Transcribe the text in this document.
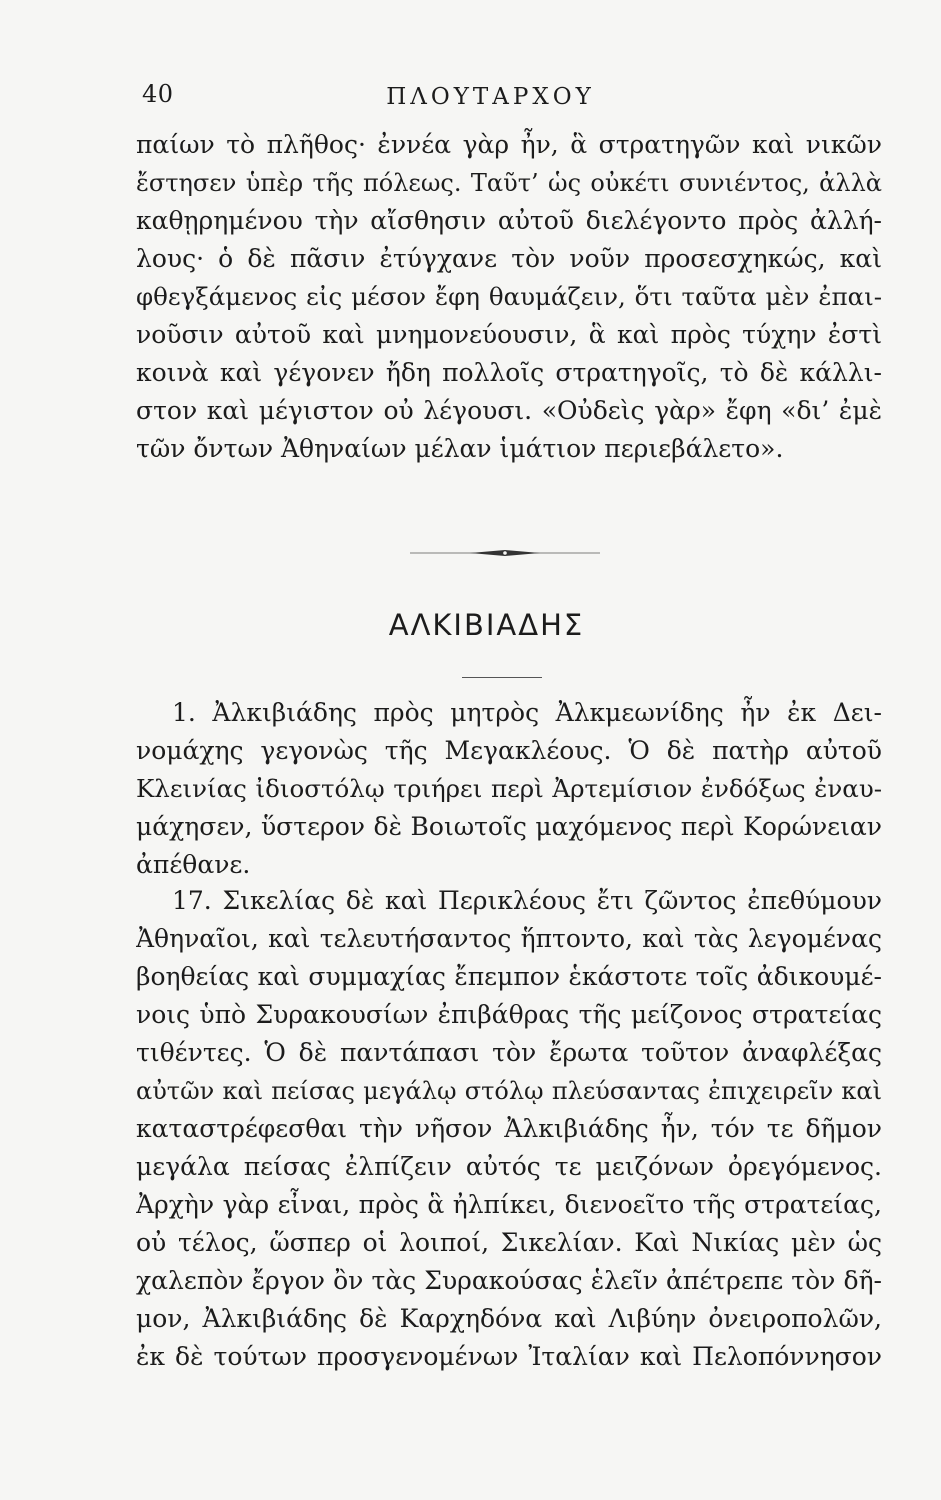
40	ΠΛΟΥΤΑΡΧΟΥ
παίων τὸ πλῆθος· ἐννέα γὰρ ἦν, ἃ στρατηγῶν καὶ νικῶν
ἔστησεν ὑπὲρ τῆς πόλεως. Ταῦτ’ ὡς οὐκέτι συνιέντος, ἀλλὰ
καθῃρημένου τὴν αἴσθησιν αὐτοῦ διελέγοντο πρὸς ἀλλή-
λους· ὁ δὲ πᾶσιν ἐτύγχανε τὸν νοῦν προσεσχηκώς, καὶ
φθεγξάμενος εἰς μέσον ἔφη θαυμάζειν, ὅτι ταῦτα μὲν ἐπαι-
νοῦσιν αὐτοῦ καὶ μνημονεύουσιν, ἃ καὶ πρὸς τύχην ἐστὶ
κοινὰ καὶ γέγονεν ἤδη πολλοῖς στρατηγοῖς, τὸ δὲ κάλλι-
στον καὶ μέγιστον οὐ λέγουσι. «Οὐδεὶς γὰρ» ἔφη «δι’ ἐμὲ
τῶν ὄντων Ἀθηναίων μέλαν ἱμάτιον περιεβάλετο».
ΑΛΚΙΒΙΑΔΗΣ
1. Ἀλκιβιάδης πρὸς μητρὸς Ἀλκμεωνίδης ἦν ἐκ Δει-
νομάχης γεγονὼς τῆς Μεγακλέους. Ὁ δὲ πατὴρ αὐτοῦ
Κλεινίας ἰδιοστόλῳ τριήρει περὶ Ἀρτεμίσιον ἐνδόξως ἐναυ-
μάχησεν, ὕστερον δὲ Βοιωτοῖς μαχόμενος περὶ Κορώνειαν
ἀπέθανε.
17. Σικελίας δὲ καὶ Περικλέους ἔτι ζῶντος ἐπεθύμουν
Ἀθηναῖοι, καὶ τελευτήσαντος ἥπτοντο, καὶ τὰς λεγομένας
βοηθείας καὶ συμμαχίας ἔπεμπον ἑκάστοτε τοῖς ἀδικουμέ-
νοις ὑπὸ Συρακουσίων ἐπιβάθρας τῆς μείζονος στρατείας
τιθέντες. Ὁ δὲ παντάπασι τὸν ἔρωτα τοῦτον ἀναφλέξας
αὐτῶν καὶ πείσας μεγάλῳ στόλῳ πλεύσαντας ἐπιχειρεῖν καὶ
καταστρέφεσθαι τὴν νῆσον Ἀλκιβιάδης ἦν, τόν τε δῆμον
μεγάλα πείσας ἐλπίζειν αὐτός τε μειζόνων ὀρεγόμενος.
Ἀρχὴν γὰρ εἶναι, πρὸς ἃ ἠλπίκει, διενοεῖτο τῆς στρατείας,
οὐ τέλος, ὥσπερ οἱ λοιποί, Σικελίαν. Καὶ Νικίας μὲν ὡς
χαλεπὸν ἔργον ὂν τὰς Συρακούσας ἑλεῖν ἀπέτρεπε τὸν δῆ-
μον, Ἀλκιβιάδης δὲ Καρχηδόνα καὶ Λιβύην ὀνειροπολῶν,
ἐκ δὲ τούτων προσγενομένων Ἰταλίαν καὶ Πελοπόννησον
